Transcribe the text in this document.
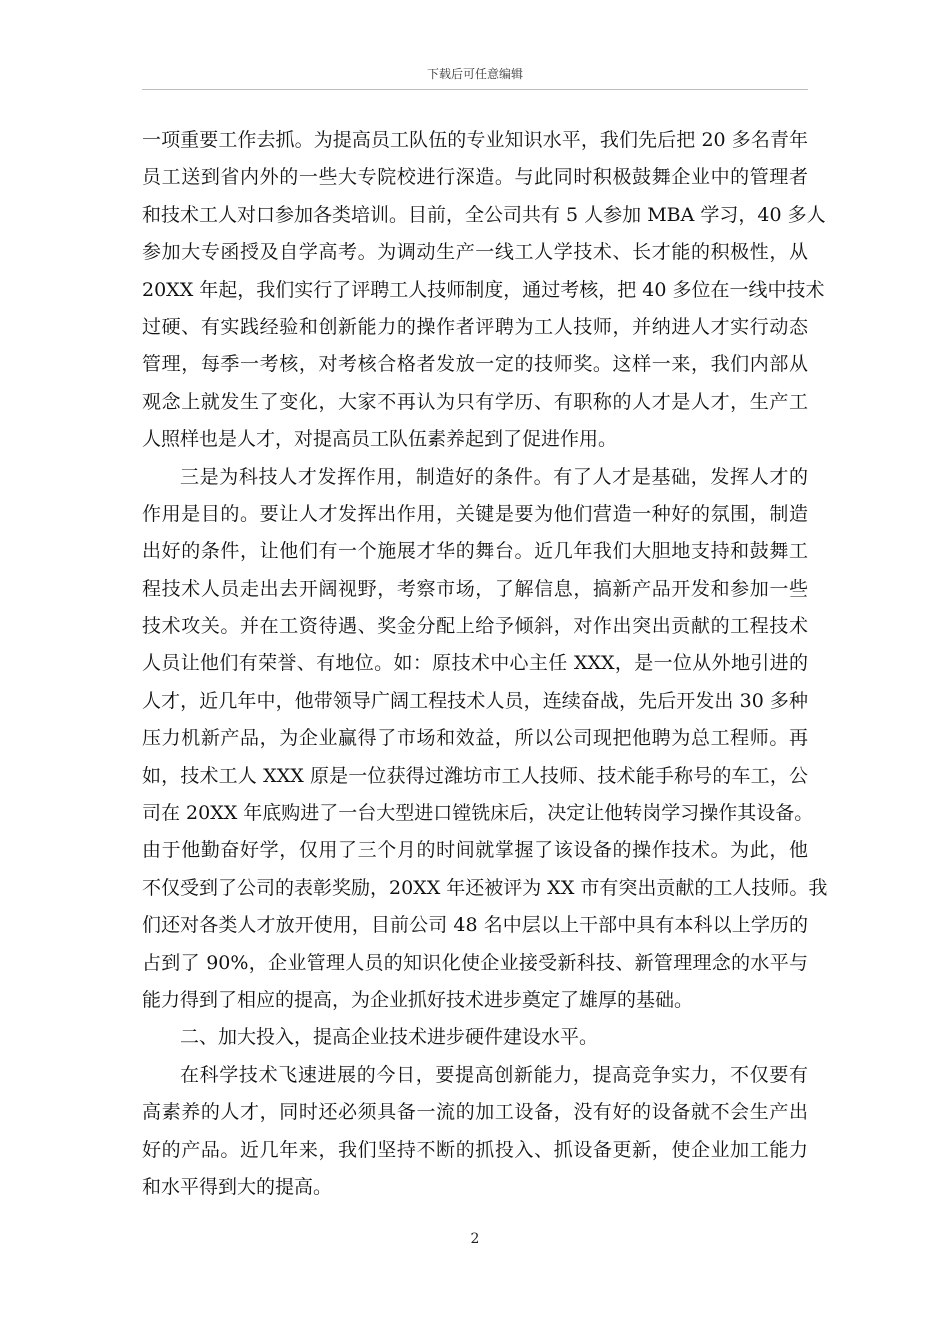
下载后可任意编辑
一项重要工作去抓。为提高员工队伍的专业知识水平，我们先后把 20 多名青年
员工送到省内外的一些大专院校进行深造。与此同时积极鼓舞企业中的管理者
和技术工人对口参加各类培训。目前，全公司共有 5 人参加 MBA 学习，40 多人
参加大专函授及自学高考。为调动生产一线工人学技术、长才能的积极性，从
20XX 年起，我们实行了评聘工人技师制度，通过考核，把 40 多位在一线中技术
过硬、有实践经验和创新能力的操作者评聘为工人技师，并纳进人才实行动态
管理，每季一考核，对考核合格者发放一定的技师奖。这样一来，我们内部从
观念上就发生了变化，大家不再认为只有学历、有职称的人才是人才，生产工
人照样也是人才，对提高员工队伍素养起到了促进作用。
三是为科技人才发挥作用，制造好的条件。有了人才是基础，发挥人才的
作用是目的。要让人才发挥出作用，关键是要为他们营造一种好的氛围，制造
出好的条件，让他们有一个施展才华的舞台。近几年我们大胆地支持和鼓舞工
程技术人员走出去开阔视野，考察市场，了解信息，搞新产品开发和参加一些
技术攻关。并在工资待遇、奖金分配上给予倾斜，对作出突出贡献的工程技术
人员让他们有荣誉、有地位。如：原技术中心主任 XXX，是一位从外地引进的
人才，近几年中，他带领导广阔工程技术人员，连续奋战，先后开发出 30 多种
压力机新产品，为企业赢得了市场和效益，所以公司现把他聘为总工程师。再
如，技术工人 XXX 原是一位获得过潍坊市工人技师、技术能手称号的车工，公
司在 20XX 年底购进了一台大型进口镗铣床后，决定让他转岗学习操作其设备。
由于他勤奋好学，仅用了三个月的时间就掌握了该设备的操作技术。为此，他
不仅受到了公司的表彰奖励，20XX 年还被评为 XX 市有突出贡献的工人技师。我
们还对各类人才放开使用，目前公司 48 名中层以上干部中具有本科以上学历的
占到了 90%，企业管理人员的知识化使企业接受新科技、新管理理念的水平与
能力得到了相应的提高，为企业抓好技术进步奠定了雄厚的基础。
二、加大投入，提高企业技术进步硬件建设水平。
在科学技术飞速进展的今日，要提高创新能力，提高竞争实力，不仅要有
高素养的人才，同时还必须具备一流的加工设备，没有好的设备就不会生产出
好的产品。近几年来，我们坚持不断的抓投入、抓设备更新，使企业加工能力
和水平得到大的提高。
2
